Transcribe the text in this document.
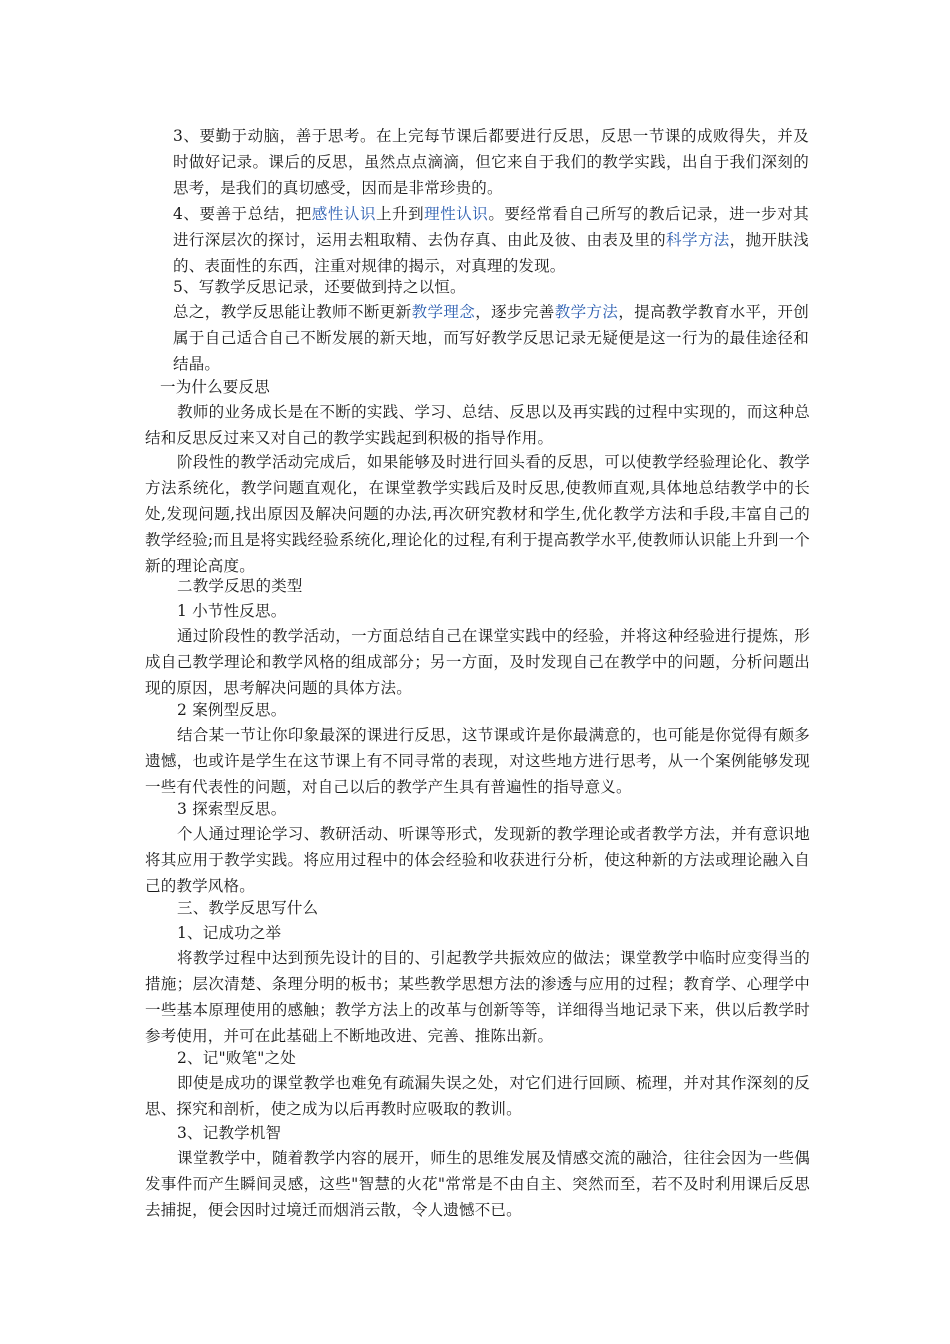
3、要勤于动脑，善于思考。在上完每节课后都要进行反思，反思一节课的成败得失，并及时做好记录。课后的反思，虽然点点滴滴，但它来自于我们的教学实践，出自于我们深刻的思考，是我们的真切感受，因而是非常珍贵的。

4、要善于总结，把感性认识上升到理性认识。要经常看自己所写的教后记录，进一步对其进行深层次的探讨，运用去粗取精、去伪存真、由此及彼、由表及里的科学方法，抛开肤浅的、表面性的东西，注重对规律的揭示，对真理的发现。

5、写教学反思记录，还要做到持之以恒。

总之，教学反思能让教师不断更新教学理念，逐步完善教学方法，提高教学教育水平，开创属于自己适合自己不断发展的新天地，而写好教学反思记录无疑便是这一行为的最佳途径和结晶。

一为什么要反思

教师的业务成长是在不断的实践、学习、总结、反思以及再实践的过程中实现的，而这种总结和反思反过来又对自己的教学实践起到积极的指导作用。

阶段性的教学活动完成后，如果能够及时进行回头看的反思，可以使教学经验理论化、教学方法系统化，教学问题直观化，在课堂教学实践后及时反思,使教师直观,具体地总结教学中的长处,发现问题,找出原因及解决问题的办法,再次研究教材和学生,优化教学方法和手段,丰富自己的教学经验;而且是将实践经验系统化,理论化的过程,有利于提高教学水平,使教师认识能上升到一个新的理论高度。

二教学反思的类型

1 小节性反思。

通过阶段性的教学活动，一方面总结自己在课堂实践中的经验，并将这种经验进行提炼，形成自己教学理论和教学风格的组成部分；另一方面，及时发现自己在教学中的问题，分析问题出现的原因，思考解决问题的具体方法。

2 案例型反思。

结合某一节让你印象最深的课进行反思，这节课或许是你最满意的，也可能是你觉得有颇多遗憾，也或许是学生在这节课上有不同寻常的表现，对这些地方进行思考，从一个案例能够发现一些有代表性的问题，对自己以后的教学产生具有普遍性的指导意义。

3 探索型反思。

个人通过理论学习、教研活动、听课等形式，发现新的教学理论或者教学方法，并有意识地将其应用于教学实践。将应用过程中的体会经验和收获进行分析，使这种新的方法或理论融入自己的教学风格。

三、教学反思写什么

1、记成功之举

将教学过程中达到预先设计的目的、引起教学共振效应的做法；课堂教学中临时应变得当的措施；层次清楚、条理分明的板书；某些教学思想方法的渗透与应用的过程；教育学、心理学中一些基本原理使用的感触；教学方法上的改革与创新等等，详细得当地记录下来，供以后教学时参考使用，并可在此基础上不断地改进、完善、推陈出新。

2、记"败笔"之处

即使是成功的课堂教学也难免有疏漏失误之处，对它们进行回顾、梳理，并对其作深刻的反思、探究和剖析，使之成为以后再教时应吸取的教训。

3、记教学机智

课堂教学中，随着教学内容的展开，师生的思维发展及情感交流的融洽，往往会因为一些偶发事件而产生瞬间灵感，这些"智慧的火花"常常是不由自主、突然而至，若不及时利用课后反思去捕捉，便会因时过境迁而烟消云散，令人遗憾不已。
